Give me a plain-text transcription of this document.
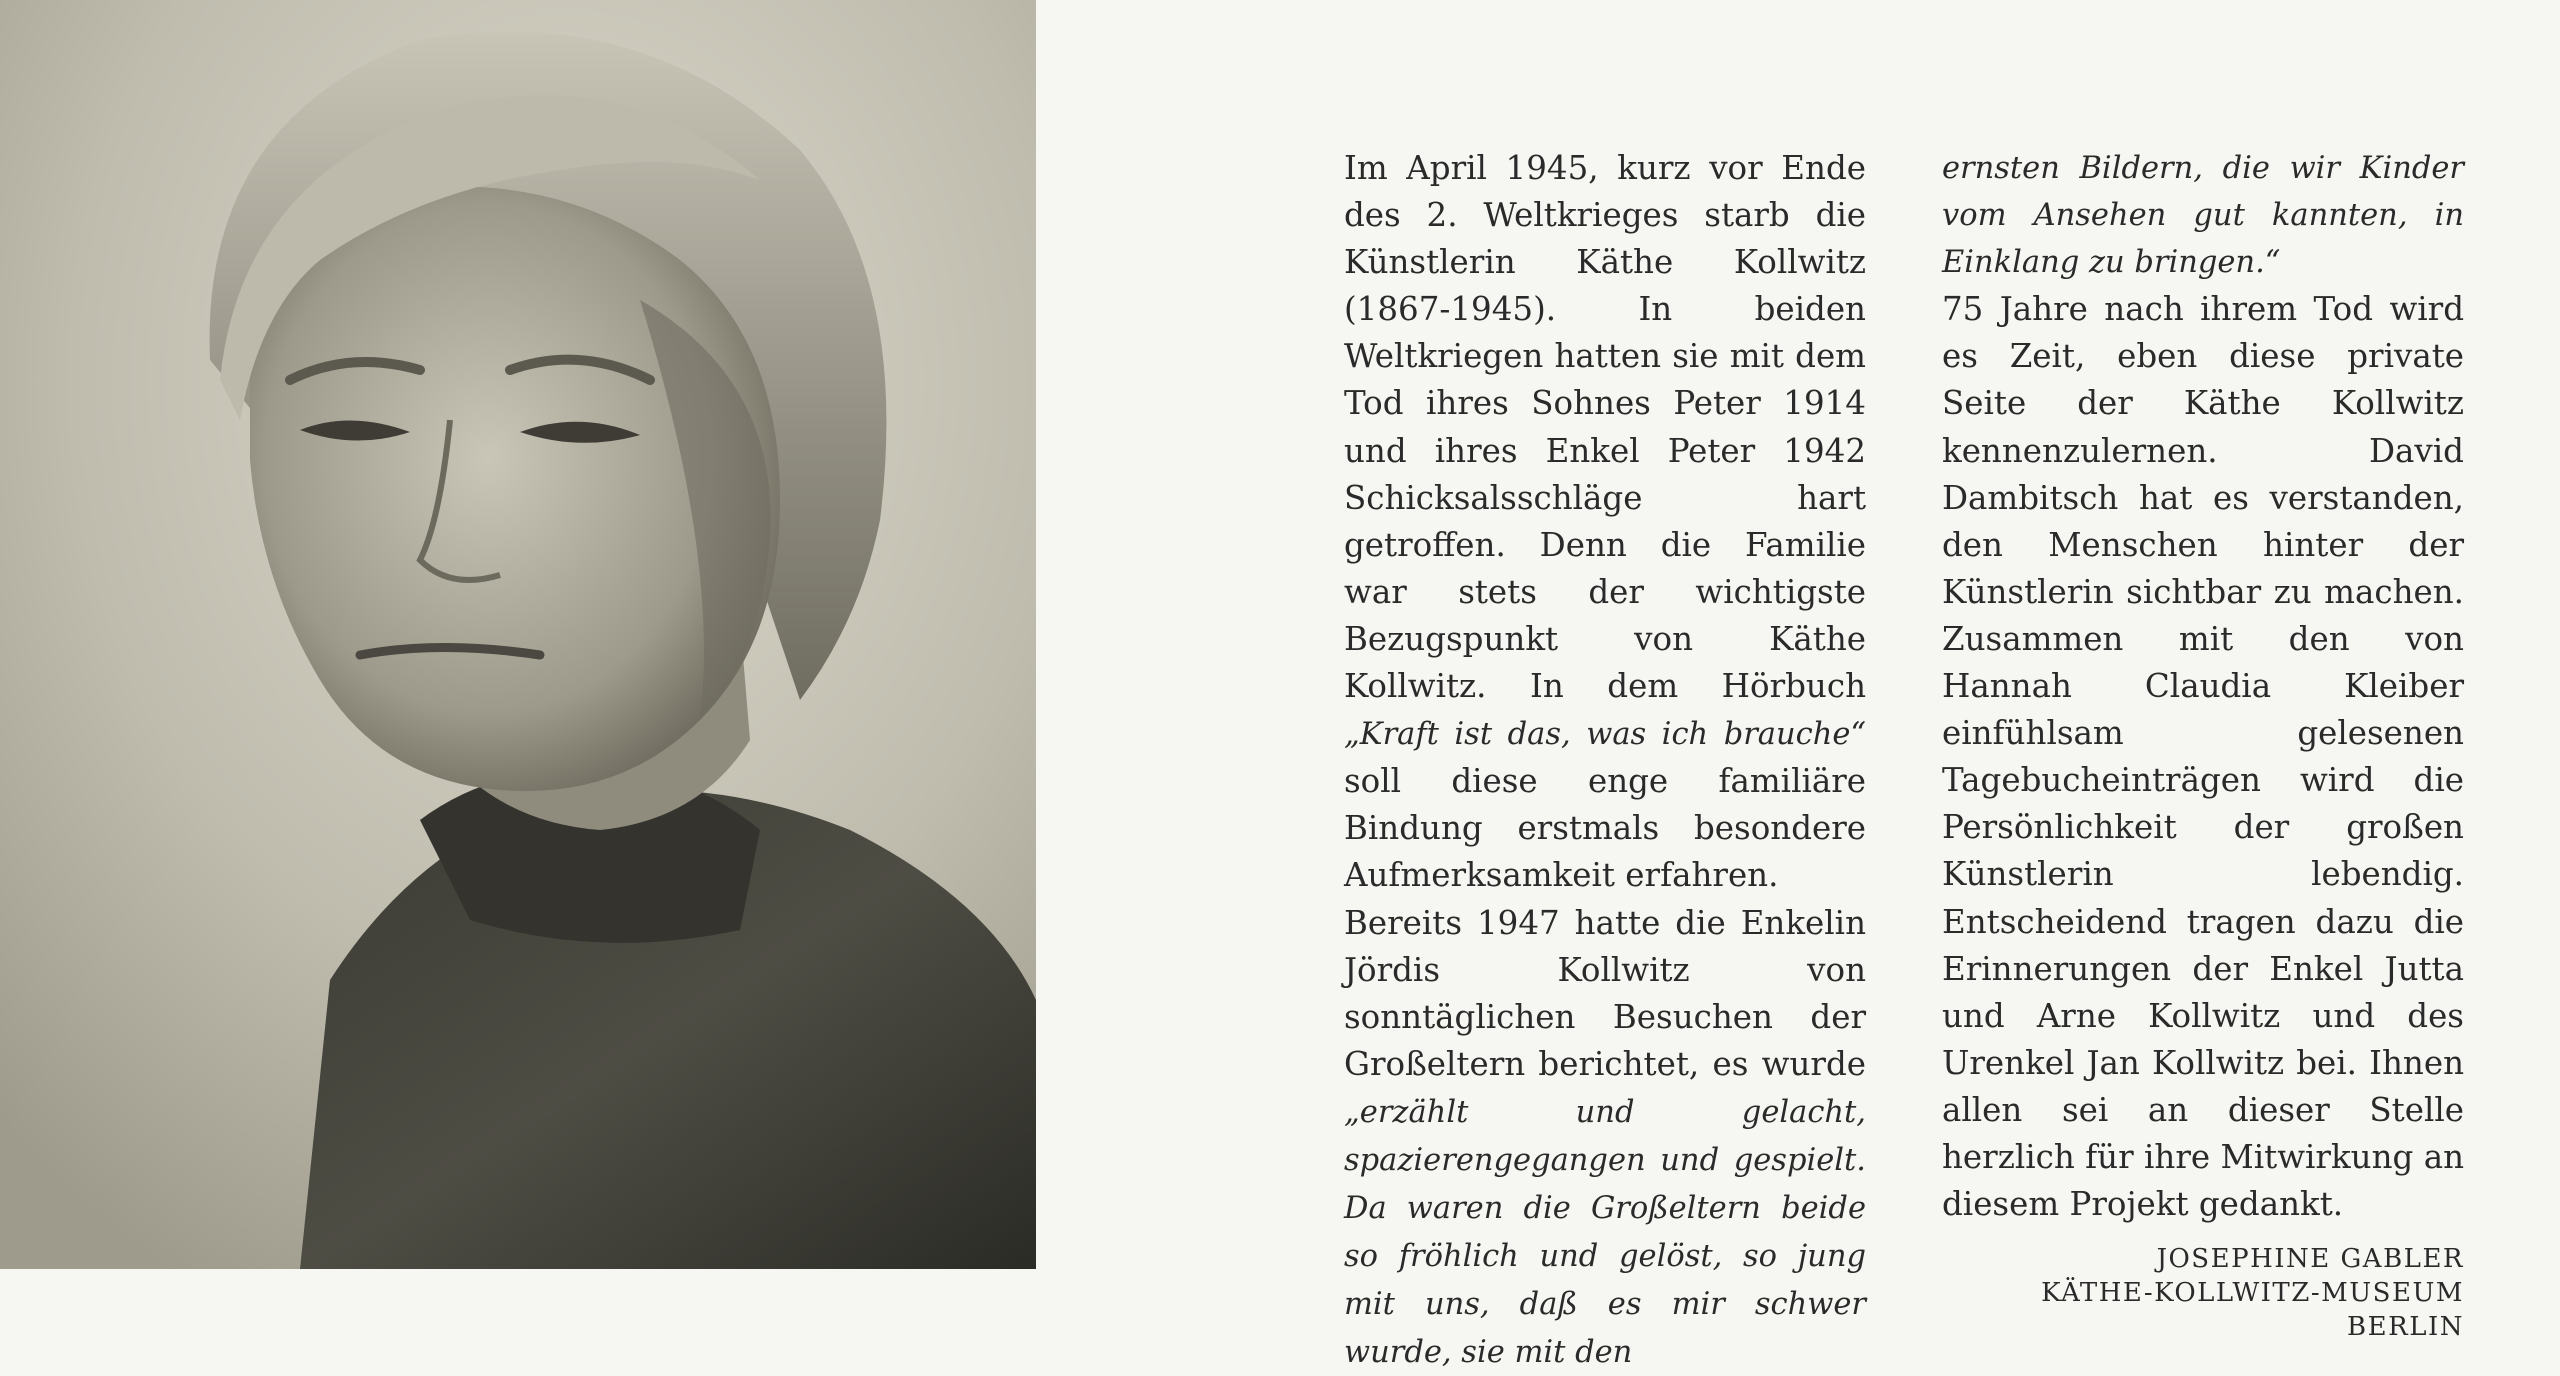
Im April 1945, kurz vor Ende des 2. Weltkrieges starb die Künstlerin Käthe Kollwitz (1867-1945). In beiden Weltkriegen hatten sie mit dem Tod ihres Sohnes Peter 1914 und ihres Enkel Peter 1942 Schicksalsschläge hart getroffen. Denn die Familie war stets der wichtigste Bezugspunkt von Käthe Kollwitz. In dem Hörbuch „Kraft ist das, was ich brauche“ soll diese enge familiäre Bindung erstmals besondere Aufmerksamkeit erfahren.

Bereits 1947 hatte die Enkelin Jördis Kollwitz von sonntäglichen Besuchen der Großeltern berichtet, es wurde „erzählt und gelacht, spazierengegangen und gespielt. Da waren die Großeltern beide so fröhlich und gelöst, so jung mit uns, daß es mir schwer wurde, sie mit den

ernsten Bildern, die wir Kinder vom Ansehen gut kannten, in Einklang zu bringen.“

75 Jahre nach ihrem Tod wird es Zeit, eben diese private Seite der Käthe Kollwitz kennenzulernen. David Dambitsch hat es verstanden, den Menschen hinter der Künstlerin sichtbar zu machen. Zusammen mit den von Hannah Claudia Kleiber einfühlsam gelesenen Tagebucheinträgen wird die Persönlichkeit der großen Künstlerin lebendig. Entscheidend tragen dazu die Erinnerungen der Enkel Jutta und Arne Kollwitz und des Urenkel Jan Kollwitz bei. Ihnen allen sei an dieser Stelle herzlich für ihre Mitwirkung an diesem Projekt gedankt.

JOSEPHINE GABLER
KÄTHE-KOLLWITZ-MUSEUM BERLIN
